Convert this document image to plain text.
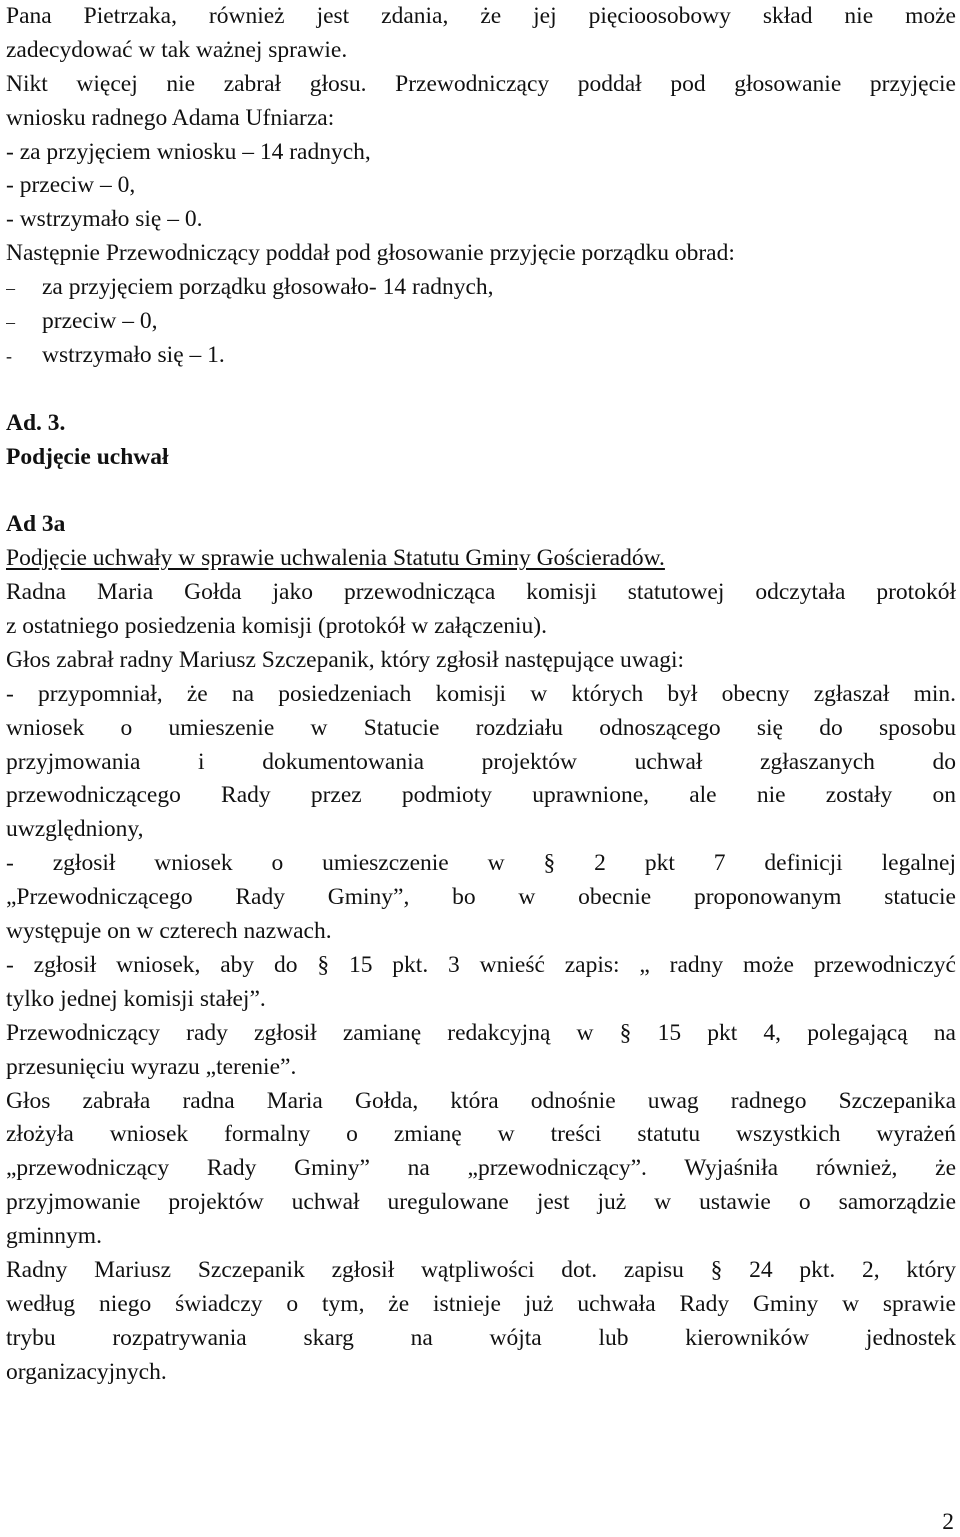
Pana Pietrzaka, również jest zdania, że jej pięcioosobowy skład nie może
zadecydować w tak ważnej sprawie.
Nikt więcej nie zabrał głosu. Przewodniczący poddał pod głosowanie przyjęcie
wniosku radnego Adama Ufniarza:
- za przyjęciem wniosku – 14 radnych,
- przeciw – 0,
- wstrzymało się – 0.
Następnie Przewodniczący poddał pod głosowanie przyjęcie porządku obrad:
– za przyjęciem porządku głosowało- 14 radnych,
– przeciw – 0,
- wstrzymało się – 1.
Ad. 3.
Podjęcie uchwał
Ad 3a
Podjęcie uchwały w sprawie uchwalenia Statutu Gminy Gościeradów.
Radna Maria Gołda jako przewodnicząca komisji statutowej odczytała protokół
z ostatniego posiedzenia komisji (protokół w załączeniu).
Głos zabrał radny Mariusz Szczepanik, który zgłosił następujące uwagi:
- przypomniał, że na posiedzeniach komisji w których był obecny zgłaszał min.
wniosek o umieszenie w Statucie rozdziału odnoszącego się do sposobu
przyjmowania i dokumentowania projektów uchwał zgłaszanych do
przewodniczącego Rady przez podmioty uprawnione, ale nie zostały on
uwzględniony,
- zgłosił wniosek o umieszczenie w § 2 pkt 7 definicji legalnej
„Przewodniczącego Rady Gminy”, bo w obecnie proponowanym statucie
występuje on w czterech nazwach.
- zgłosił wniosek, aby do § 15 pkt. 3 wnieść zapis: „ radny może przewodniczyć
tylko jednej komisji stałej”.
Przewodniczący rady zgłosił zamianę redakcyjną w § 15 pkt 4, polegającą na
przesunięciu wyrazu „terenie”.
Głos zabrała radna Maria Gołda, która odnośnie uwag radnego Szczepanika
złożyła wniosek formalny o zmianę w treści statutu wszystkich wyrażeń
„przewodniczący Rady Gminy” na „przewodniczący”. Wyjaśniła również, że
przyjmowanie projektów uchwał uregulowane jest już w ustawie o samorządzie
gminnym.
Radny Mariusz Szczepanik zgłosił wątpliwości dot. zapisu § 24 pkt. 2, który
według niego świadczy o tym, że istnieje już uchwała Rady Gminy w sprawie
trybu rozpatrywania skarg na wójta lub kierowników jednostek
organizacyjnych.
2
